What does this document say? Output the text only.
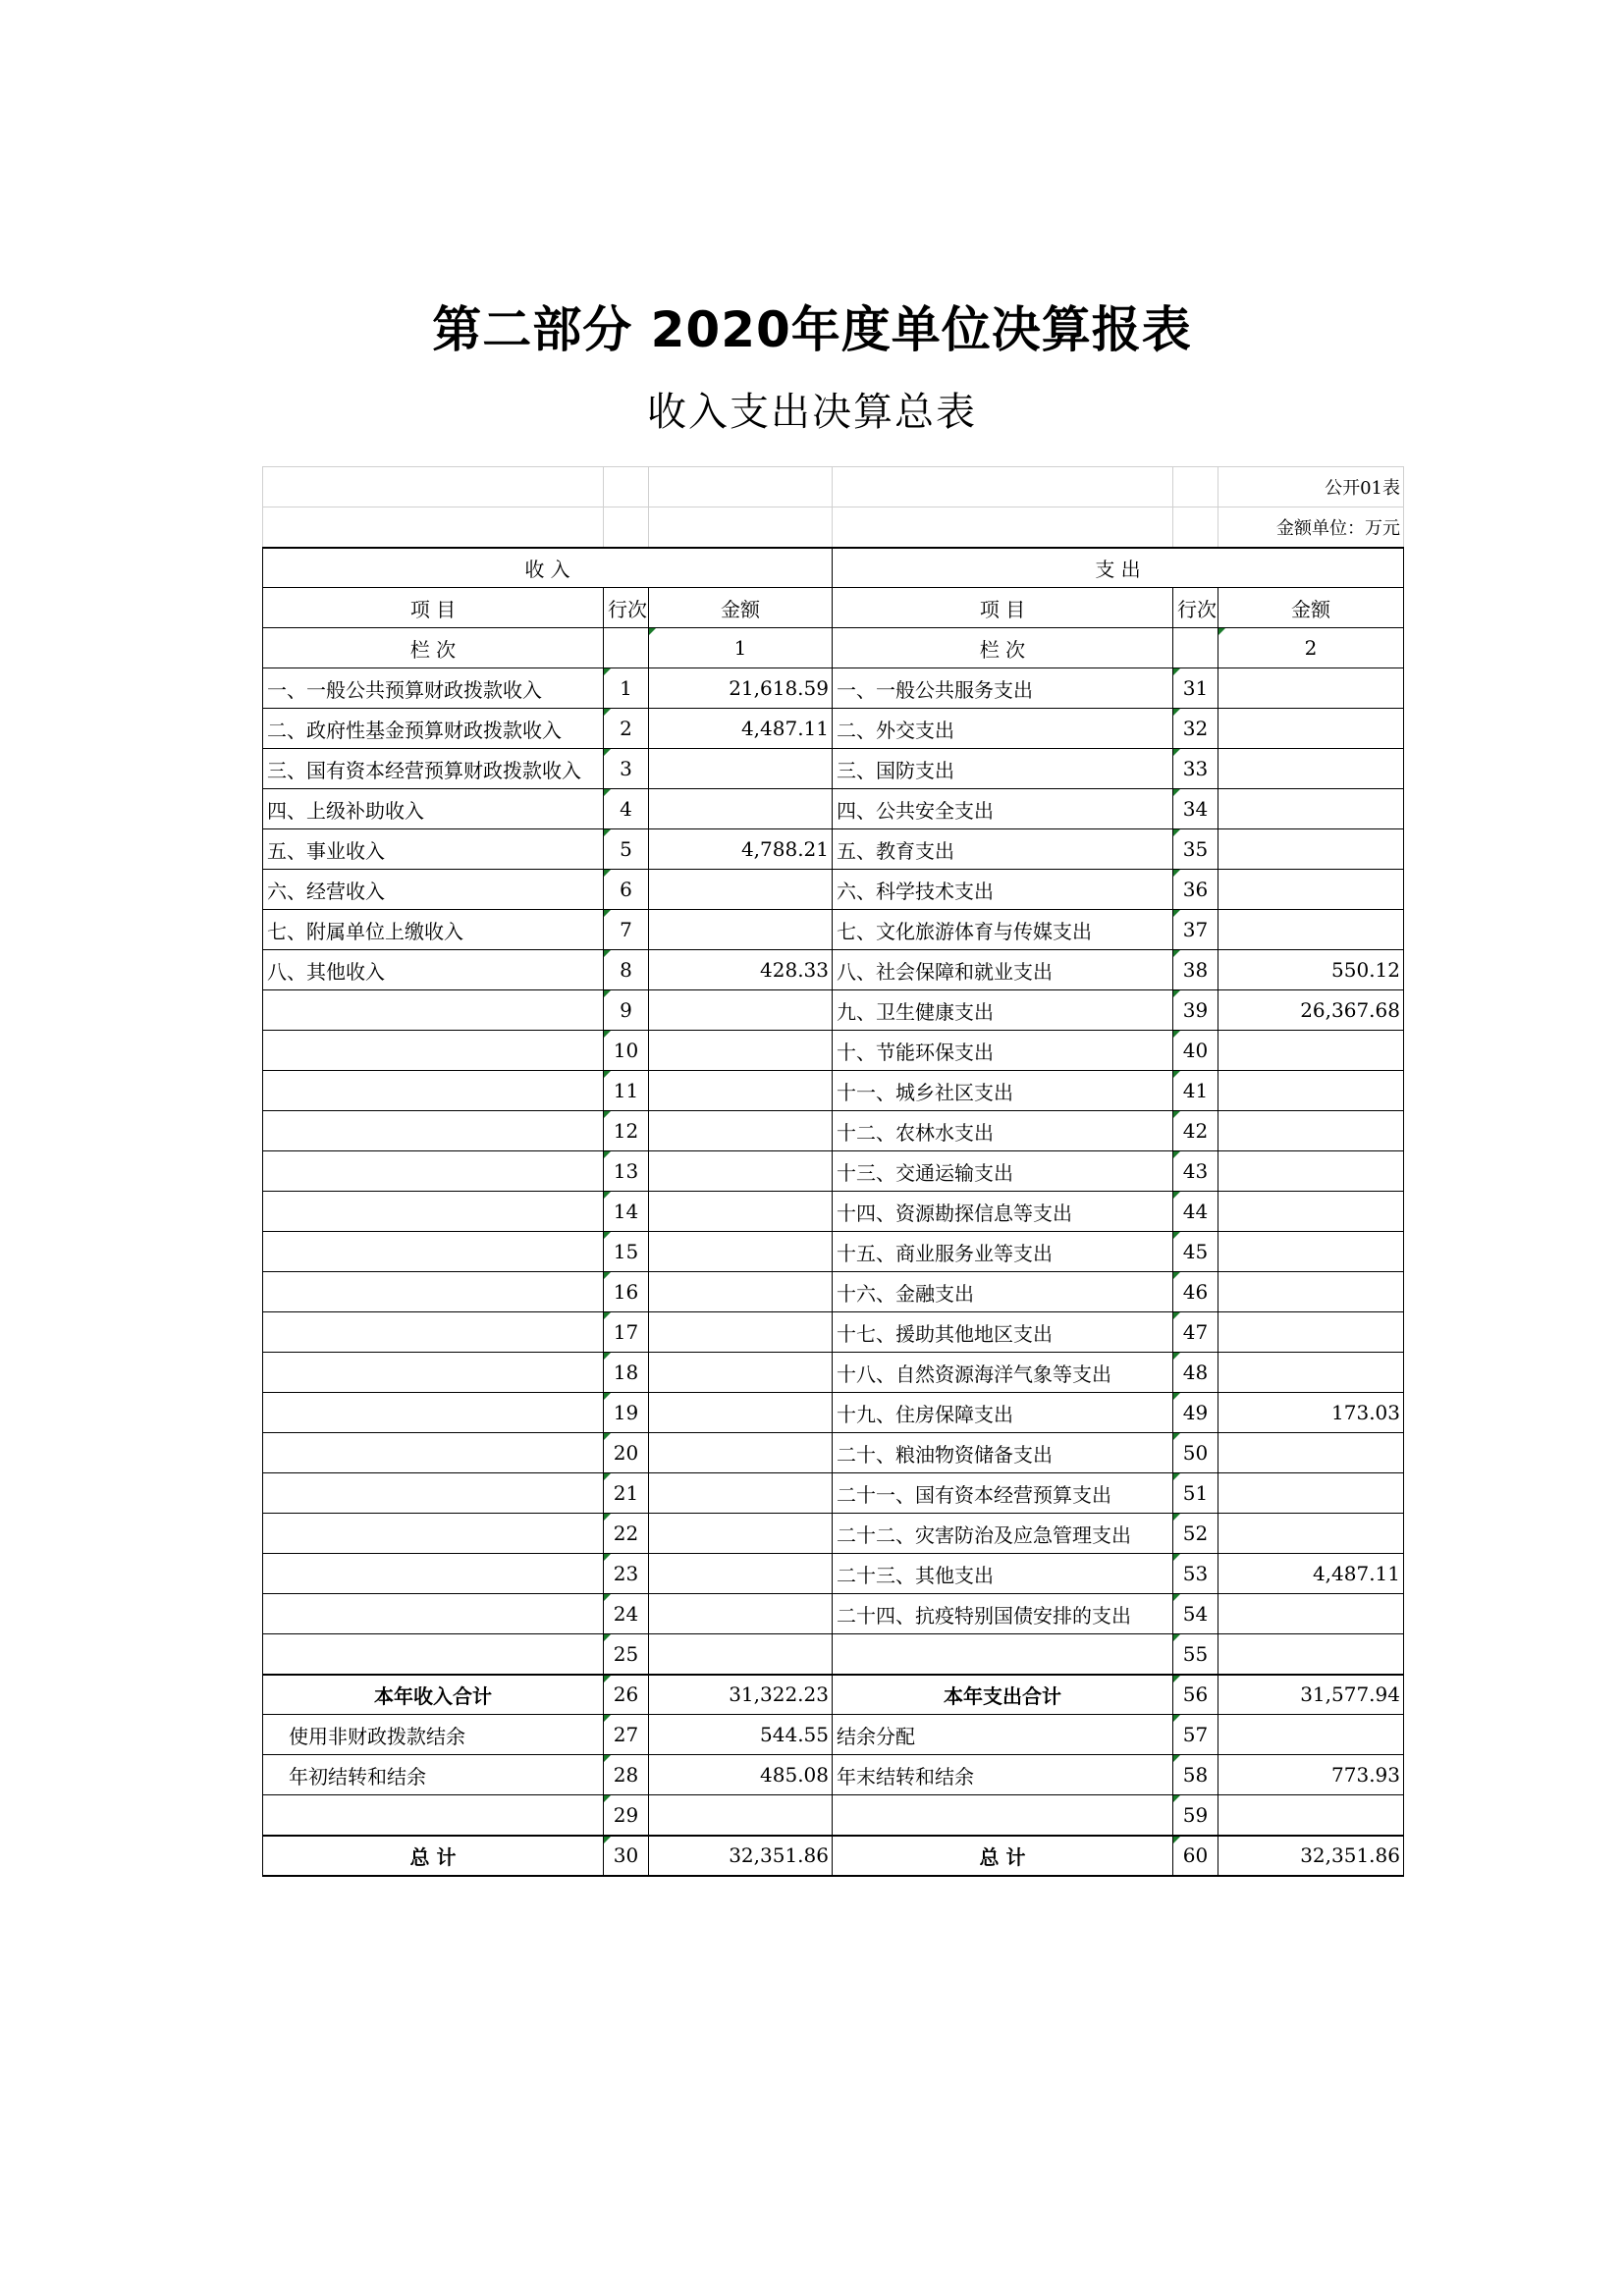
第二部分 2020年度单位决算报表
收入支出决算总表
					公开01表
					金额单位：万元
收 入			支 出		
项 目	行次	金额	项 目	行次	金额
栏 次		1	栏 次		2
一、一般公共预算财政拨款收入	1	21,618.59	一、一般公共服务支出	31	
二、政府性基金预算财政拨款收入	2	4,487.11	二、外交支出	32	
三、国有资本经营预算财政拨款收入	3		三、国防支出	33	
四、上级补助收入	4		四、公共安全支出	34	
五、事业收入	5	4,788.21	五、教育支出	35	
六、经营收入	6		六、科学技术支出	36	
七、附属单位上缴收入	7		七、文化旅游体育与传媒支出	37	
八、其他收入	8	428.33	八、社会保障和就业支出	38	550.12
	9		九、卫生健康支出	39	26,367.68
	10		十、节能环保支出	40	
	11		十一、城乡社区支出	41	
	12		十二、农林水支出	42	
	13		十三、交通运输支出	43	
	14		十四、资源勘探信息等支出	44	
	15		十五、商业服务业等支出	45	
	16		十六、金融支出	46	
	17		十七、援助其他地区支出	47	
	18		十八、自然资源海洋气象等支出	48	
	19		十九、住房保障支出	49	173.03
	20		二十、粮油物资储备支出	50	
	21		二十一、国有资本经营预算支出	51	
	22		二十二、灾害防治及应急管理支出	52	
	23		二十三、其他支出	53	4,487.11
	24		二十四、抗疫特别国债安排的支出	54	
	25			55	
本年收入合计	26	31,322.23	本年支出合计	56	31,577.94
使用非财政拨款结余	27	544.55	结余分配	57	
年初结转和结余	28	485.08	年末结转和结余	58	773.93
	29			59	
总 计	30	32,351.86	总 计	60	32,351.86
